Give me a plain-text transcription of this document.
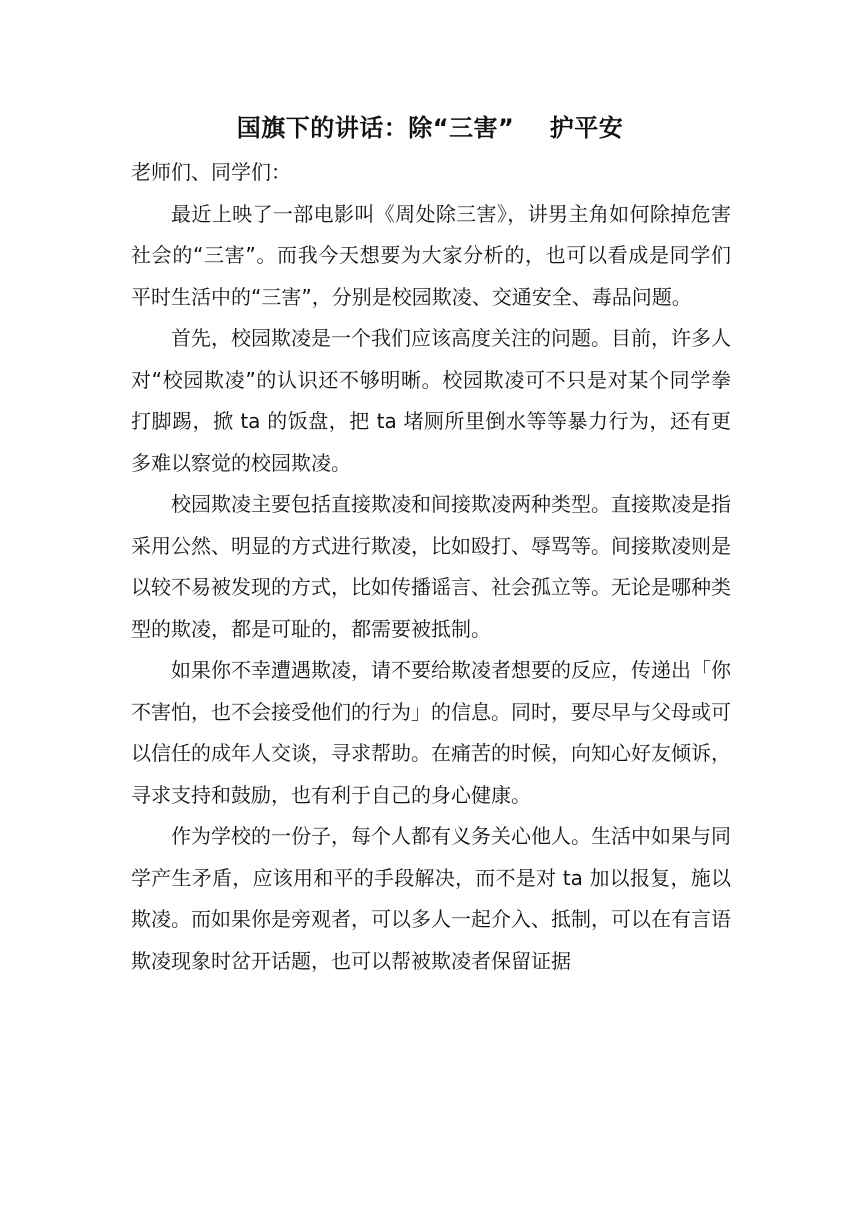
国旗下的讲话：除“三害”    护平安

老师们、同学们：

最近上映了一部电影叫《周处除三害》，讲男主角如何除掉危害社会的“三害”。而我今天想要为大家分析的，也可以看成是同学们平时生活中的“三害”，分别是校园欺凌、交通安全、毒品问题。

首先，校园欺凌是一个我们应该高度关注的问题。目前，许多人对“校园欺凌”的认识还不够明晰。校园欺凌可不只是对某个同学拳打脚踢，掀 ta 的饭盘，把 ta 堵厕所里倒水等等暴力行为，还有更多难以察觉的校园欺凌。

校园欺凌主要包括直接欺凌和间接欺凌两种类型。直接欺凌是指采用公然、明显的方式进行欺凌，比如殴打、辱骂等。间接欺凌则是以较不易被发现的方式，比如传播谣言、社会孤立等。无论是哪种类型的欺凌，都是可耻的，都需要被抵制。

如果你不幸遭遇欺凌，请不要给欺凌者想要的反应，传递出「你不害怕，也不会接受他们的行为」的信息。同时，要尽早与父母或可以信任的成年人交谈，寻求帮助。在痛苦的时候，向知心好友倾诉，寻求支持和鼓励，也有利于自己的身心健康。

作为学校的一份子，每个人都有义务关心他人。生活中如果与同学产生矛盾，应该用和平的手段解决，而不是对 ta 加以报复，施以欺凌。而如果你是旁观者，可以多人一起介入、抵制，可以在有言语欺凌现象时岔开话题，也可以帮被欺凌者保留证据
